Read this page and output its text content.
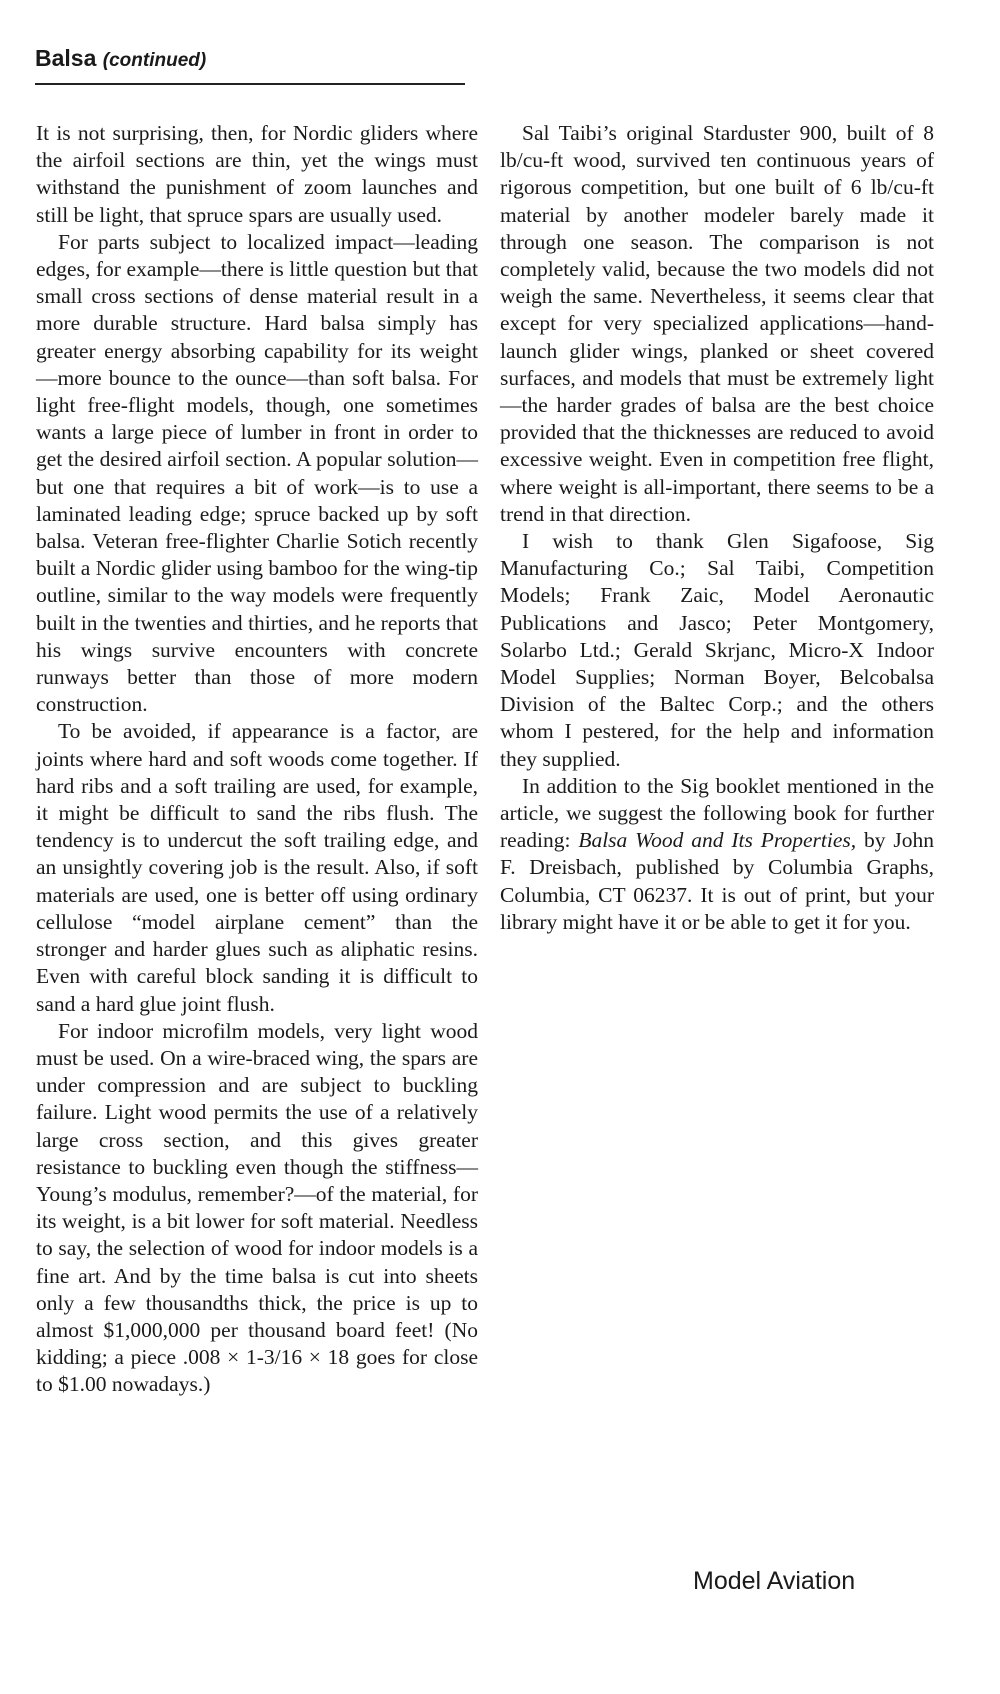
Balsa (continued)

It is not surprising, then, for Nordic gliders where the airfoil sections are thin, yet the wings must withstand the punishment of zoom launches and still be light, that spruce spars are usually used.

For parts subject to localized impact—leading edges, for example—there is little question but that small cross sections of dense material result in a more durable structure. Hard balsa simply has greater energy absorbing capability for its weight—more bounce to the ounce—than soft balsa. For light free-flight models, though, one sometimes wants a large piece of lumber in front in order to get the desired airfoil section. A popular solution—but one that requires a bit of work—is to use a laminated leading edge; spruce backed up by soft balsa. Veteran free-flighter Charlie Sotich recently built a Nordic glider using bamboo for the wing-tip outline, similar to the way models were frequently built in the twenties and thirties, and he reports that his wings survive encounters with concrete runways better than those of more modern construction.

To be avoided, if appearance is a factor, are joints where hard and soft woods come together. If hard ribs and a soft trailing are used, for example, it might be difficult to sand the ribs flush. The tendency is to undercut the soft trailing edge, and an unsightly covering job is the result. Also, if soft materials are used, one is better off using ordinary cellulose “model airplane cement” than the stronger and harder glues such as aliphatic resins. Even with careful block sanding it is difficult to sand a hard glue joint flush.

For indoor microfilm models, very light wood must be used. On a wire-braced wing, the spars are under compression and are subject to buckling failure. Light wood permits the use of a relatively large cross section, and this gives greater resistance to buckling even though the stiffness—Young’s modulus, remember?—of the material, for its weight, is a bit lower for soft material. Needless to say, the selection of wood for indoor models is a fine art. And by the time balsa is cut into sheets only a few thousandths thick, the price is up to almost $1,000,000 per thousand board feet! (No kidding; a piece .008 × 1-3/16 × 18 goes for close to $1.00 nowadays.)

Sal Taibi’s original Starduster 900, built of 8 lb/cu-ft wood, survived ten continuous years of rigorous competition, but one built of 6 lb/cu-ft material by another modeler barely made it through one season. The comparison is not completely valid, because the two models did not weigh the same. Nevertheless, it seems clear that except for very specialized applications—hand-launch glider wings, planked or sheet covered surfaces, and models that must be extremely light—the harder grades of balsa are the best choice provided that the thicknesses are reduced to avoid excessive weight. Even in competition free flight, where weight is all-important, there seems to be a trend in that direction.

I wish to thank Glen Sigafoose, Sig Manufacturing Co.; Sal Taibi, Competition Models; Frank Zaic, Model Aeronautic Publications and Jasco; Peter Montgomery, Solarbo Ltd.; Gerald Skrjanc, Micro-X Indoor Model Supplies; Norman Boyer, Belcobalsa Division of the Baltec Corp.; and the others whom I pestered, for the help and information they supplied.

In addition to the Sig booklet mentioned in the article, we suggest the following book for further reading: Balsa Wood and Its Properties, by John F. Dreisbach, published by Columbia Graphs, Columbia, CT 06237. It is out of print, but your library might have it or be able to get it for you.

Model Aviation
